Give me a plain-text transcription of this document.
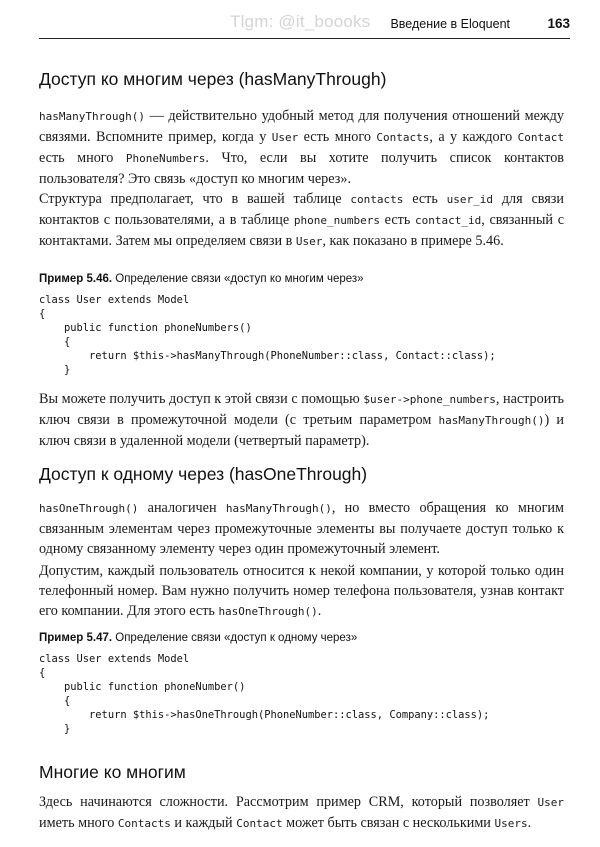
Введение в Eloquent	163
Tlgm: @it_boooks
Доступ ко многим через (hasManyThrough)

hasManyThrough() — действительно удобный метод для получения отношений между связями. Вспомните пример, когда у User есть много Contacts, а у каждого Contact есть много PhoneNumbers. Что, если вы хотите получить список контактов пользователя? Это связь «доступ ко многим через».

Структура предполагает, что в вашей таблице contacts есть user_id для связи контактов с пользователями, а в таблице phone_numbers есть contact_id, связанный с контактами. Затем мы определяем связи в User, как показано в примере 5.46.

Пример 5.46. Определение связи «доступ ко многим через»

class User extends Model
{
public function phoneNumbers()
{
return $this->hasManyThrough(PhoneNumber::class, Contact::class);
}

Вы можете получить доступ к этой связи с помощью $user->phone_numbers, настроить ключ связи в промежуточной модели (с третьим параметром hasManyThrough()) и ключ связи в удаленной модели (четвертый параметр).

Доступ к одному через (hasOneThrough)

hasOneThrough() аналогичен hasManyThrough(), но вместо обращения ко многим связанным элементам через промежуточные элементы вы получаете доступ только к одному связанному элементу через один промежуточный элемент.

Допустим, каждый пользователь относится к некой компании, у которой только один телефонный номер. Вам нужно получить номер телефона пользователя, узнав контакт его компании. Для этого есть hasOneThrough().

Пример 5.47. Определение связи «доступ к одному через»

class User extends Model
{
public function phoneNumber()
{
return $this->hasOneThrough(PhoneNumber::class, Company::class);
}
Многие ко многим

Здесь начинаются сложности. Рассмотрим пример CRM, который позволяет User иметь много Contacts и каждый Contact может быть связан с несколькими Users.
